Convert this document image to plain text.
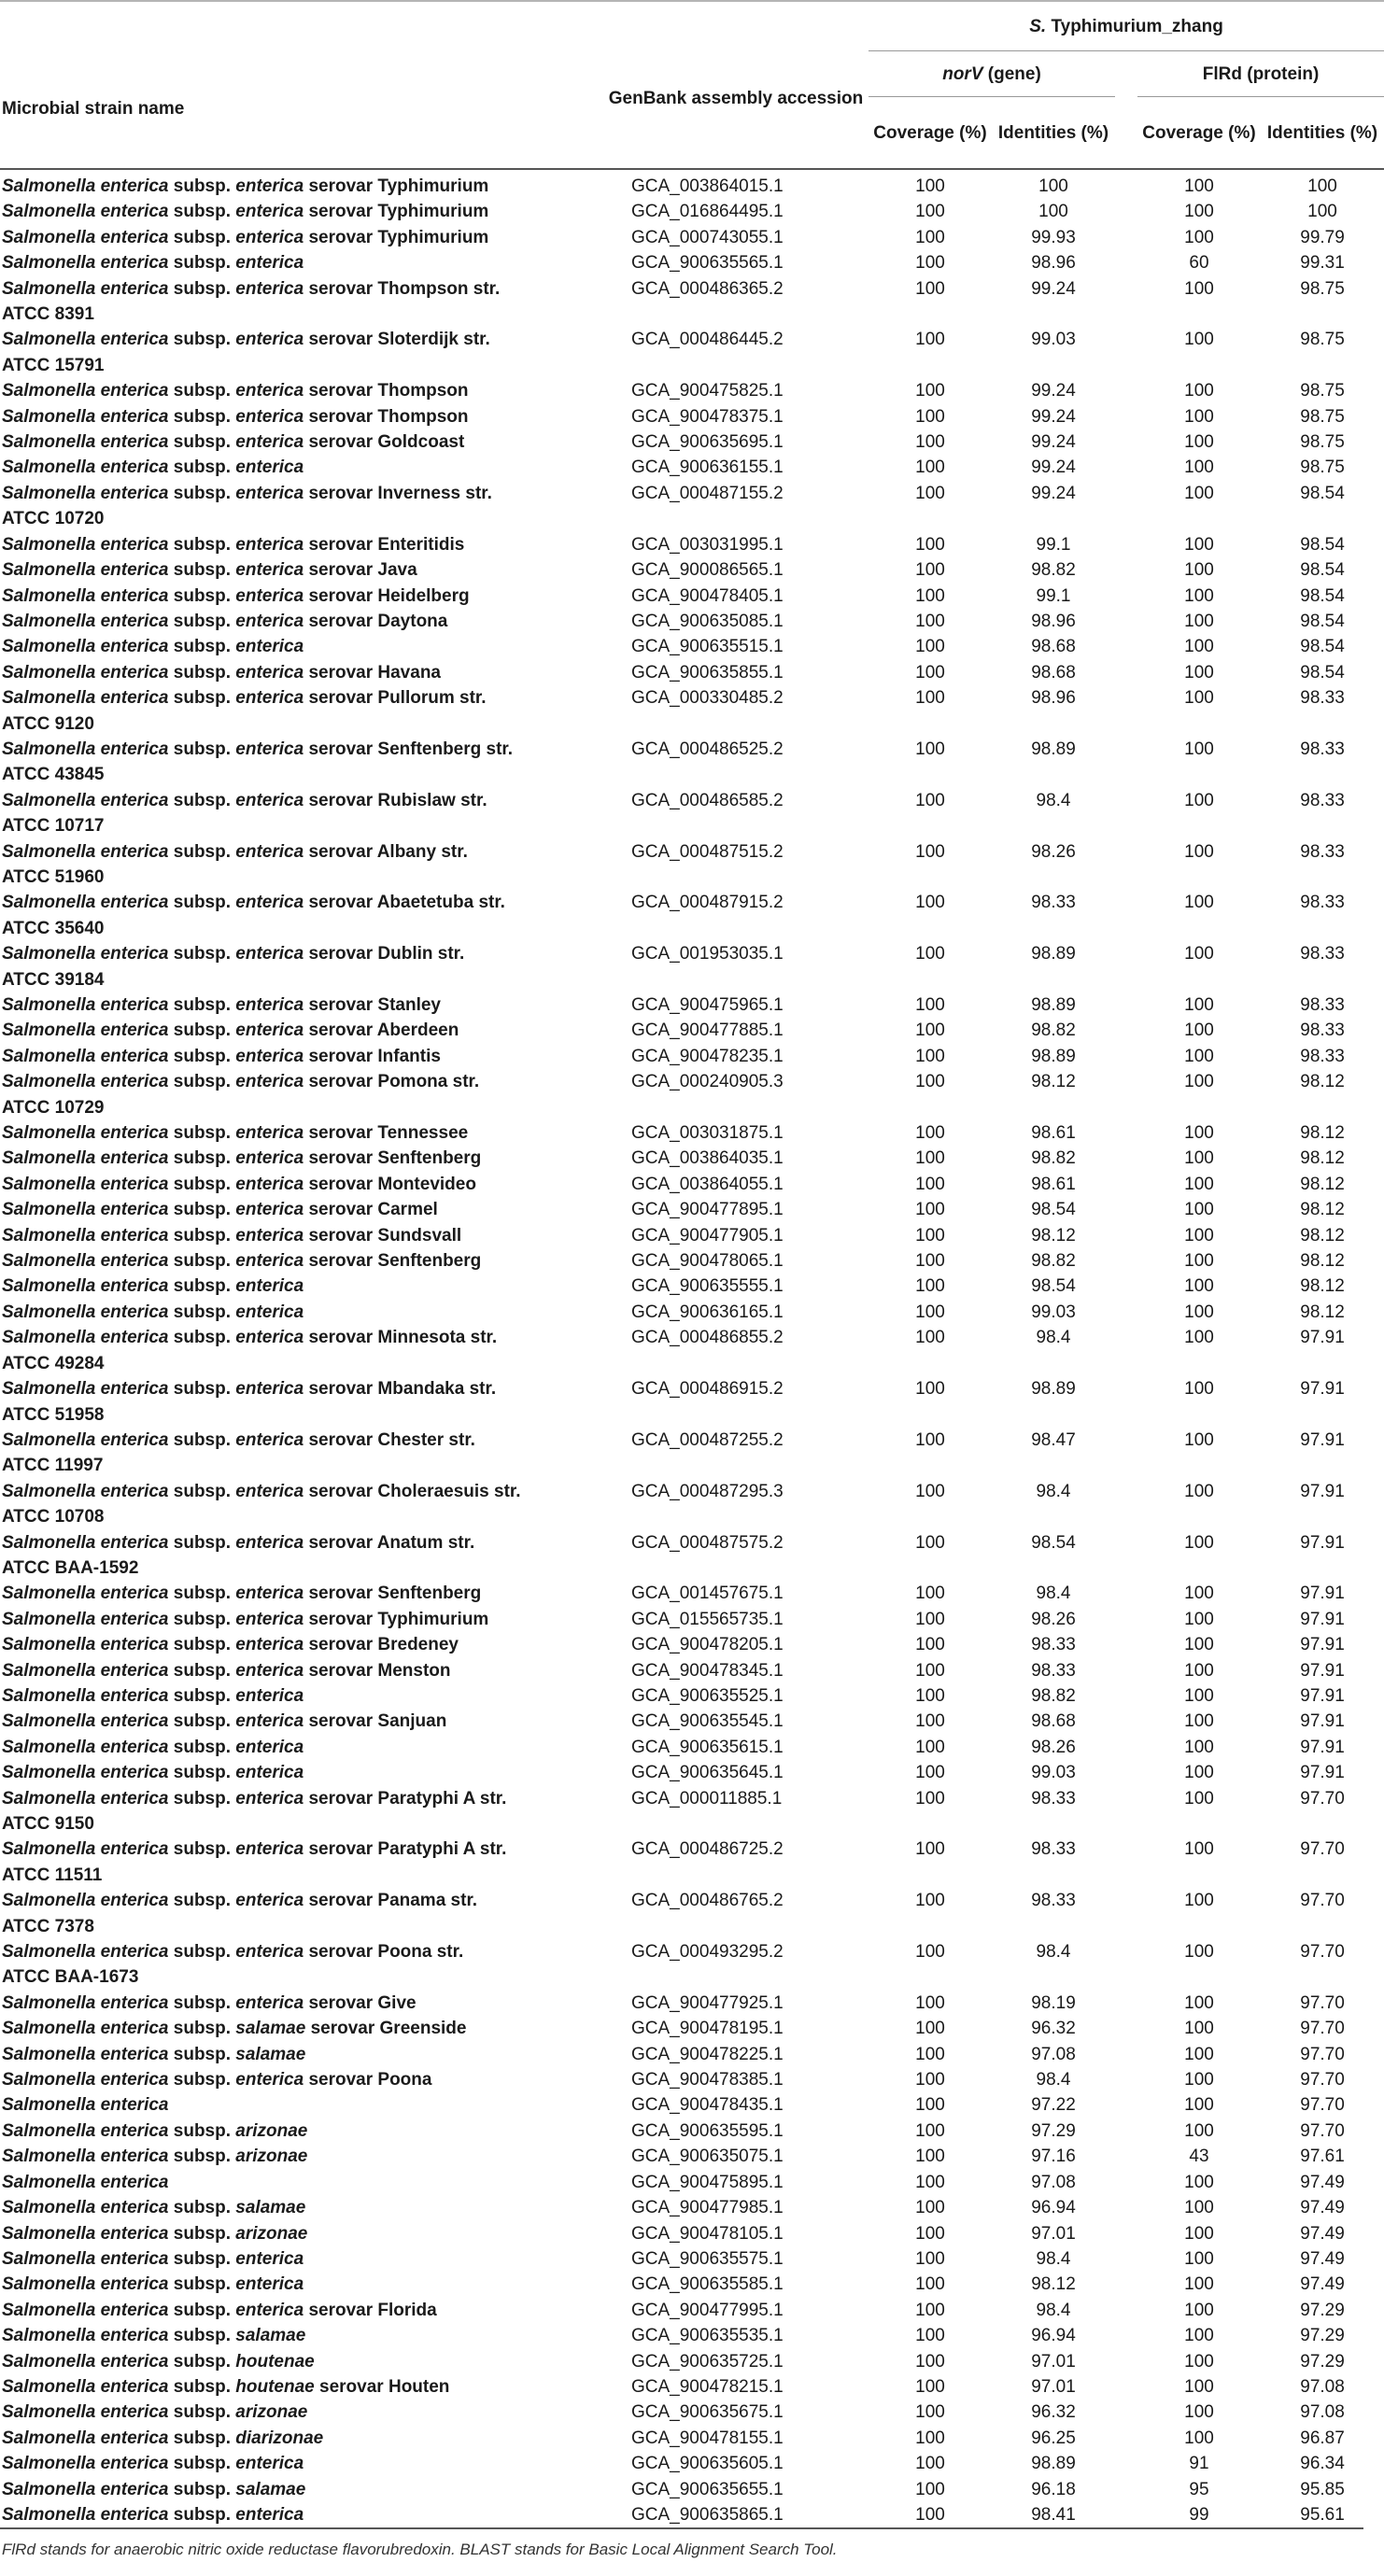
		S. Typhimurium_zhang				
Microbial strain name	GenBank assembly accession	norV (gene)			FlRd (protein)	
		Coverage (%)	Identities (%)		Coverage (%)	Identities (%)
Salmonella enterica subsp. enterica serovar Typhimurium	GCA_003864015.1	100	100		100	100
Salmonella enterica subsp. enterica serovar Typhimurium	GCA_016864495.1	100	100		100	100
Salmonella enterica subsp. enterica serovar Typhimurium	GCA_000743055.1	100	99.93		100	99.79
Salmonella enterica subsp. enterica	GCA_900635565.1	100	98.96		60	99.31
Salmonella enterica subsp. enterica serovar Thompson str.
ATCC 8391	GCA_000486365.2	100	99.24		100	98.75
Salmonella enterica subsp. enterica serovar Sloterdijk str.
ATCC 15791	GCA_000486445.2	100	99.03		100	98.75
Salmonella enterica subsp. enterica serovar Thompson	GCA_900475825.1	100	99.24		100	98.75
Salmonella enterica subsp. enterica serovar Thompson	GCA_900478375.1	100	99.24		100	98.75
Salmonella enterica subsp. enterica serovar Goldcoast	GCA_900635695.1	100	99.24		100	98.75
Salmonella enterica subsp. enterica	GCA_900636155.1	100	99.24		100	98.75
Salmonella enterica subsp. enterica serovar Inverness str.
ATCC 10720	GCA_000487155.2	100	99.24		100	98.54
Salmonella enterica subsp. enterica serovar Enteritidis	GCA_003031995.1	100	99.1		100	98.54
Salmonella enterica subsp. enterica serovar Java	GCA_900086565.1	100	98.82		100	98.54
Salmonella enterica subsp. enterica serovar Heidelberg	GCA_900478405.1	100	99.1		100	98.54
Salmonella enterica subsp. enterica serovar Daytona	GCA_900635085.1	100	98.96		100	98.54
Salmonella enterica subsp. enterica	GCA_900635515.1	100	98.68		100	98.54
Salmonella enterica subsp. enterica serovar Havana	GCA_900635855.1	100	98.68		100	98.54
Salmonella enterica subsp. enterica serovar Pullorum str.
ATCC 9120	GCA_000330485.2	100	98.96		100	98.33
Salmonella enterica subsp. enterica serovar Senftenberg str.
ATCC 43845	GCA_000486525.2	100	98.89		100	98.33
Salmonella enterica subsp. enterica serovar Rubislaw str.
ATCC 10717	GCA_000486585.2	100	98.4		100	98.33
Salmonella enterica subsp. enterica serovar Albany str.
ATCC 51960	GCA_000487515.2	100	98.26		100	98.33
Salmonella enterica subsp. enterica serovar Abaetetuba str.
ATCC 35640	GCA_000487915.2	100	98.33		100	98.33
Salmonella enterica subsp. enterica serovar Dublin str.
ATCC 39184	GCA_001953035.1	100	98.89		100	98.33
Salmonella enterica subsp. enterica serovar Stanley	GCA_900475965.1	100	98.89		100	98.33
Salmonella enterica subsp. enterica serovar Aberdeen	GCA_900477885.1	100	98.82		100	98.33
Salmonella enterica subsp. enterica serovar Infantis	GCA_900478235.1	100	98.89		100	98.33
Salmonella enterica subsp. enterica serovar Pomona str.
ATCC 10729	GCA_000240905.3	100	98.12		100	98.12
Salmonella enterica subsp. enterica serovar Tennessee	GCA_003031875.1	100	98.61		100	98.12
Salmonella enterica subsp. enterica serovar Senftenberg	GCA_003864035.1	100	98.82		100	98.12
Salmonella enterica subsp. enterica serovar Montevideo	GCA_003864055.1	100	98.61		100	98.12
Salmonella enterica subsp. enterica serovar Carmel	GCA_900477895.1	100	98.54		100	98.12
Salmonella enterica subsp. enterica serovar Sundsvall	GCA_900477905.1	100	98.12		100	98.12
Salmonella enterica subsp. enterica serovar Senftenberg	GCA_900478065.1	100	98.82		100	98.12
Salmonella enterica subsp. enterica	GCA_900635555.1	100	98.54		100	98.12
Salmonella enterica subsp. enterica	GCA_900636165.1	100	99.03		100	98.12
Salmonella enterica subsp. enterica serovar Minnesota str.
ATCC 49284	GCA_000486855.2	100	98.4		100	97.91
Salmonella enterica subsp. enterica serovar Mbandaka str.
ATCC 51958	GCA_000486915.2	100	98.89		100	97.91
Salmonella enterica subsp. enterica serovar Chester str.
ATCC 11997	GCA_000487255.2	100	98.47		100	97.91
Salmonella enterica subsp. enterica serovar Choleraesuis str.
ATCC 10708	GCA_000487295.3	100	98.4		100	97.91
Salmonella enterica subsp. enterica serovar Anatum str.
ATCC BAA-1592	GCA_000487575.2	100	98.54		100	97.91
Salmonella enterica subsp. enterica serovar Senftenberg	GCA_001457675.1	100	98.4		100	97.91
Salmonella enterica subsp. enterica serovar Typhimurium	GCA_015565735.1	100	98.26		100	97.91
Salmonella enterica subsp. enterica serovar Bredeney	GCA_900478205.1	100	98.33		100	97.91
Salmonella enterica subsp. enterica serovar Menston	GCA_900478345.1	100	98.33		100	97.91
Salmonella enterica subsp. enterica	GCA_900635525.1	100	98.82		100	97.91
Salmonella enterica subsp. enterica serovar Sanjuan	GCA_900635545.1	100	98.68		100	97.91
Salmonella enterica subsp. enterica	GCA_900635615.1	100	98.26		100	97.91
Salmonella enterica subsp. enterica	GCA_900635645.1	100	99.03		100	97.91
Salmonella enterica subsp. enterica serovar Paratyphi A str.
ATCC 9150	GCA_000011885.1	100	98.33		100	97.70
Salmonella enterica subsp. enterica serovar Paratyphi A str.
ATCC 11511	GCA_000486725.2	100	98.33		100	97.70
Salmonella enterica subsp. enterica serovar Panama str.
ATCC 7378	GCA_000486765.2	100	98.33		100	97.70
Salmonella enterica subsp. enterica serovar Poona str.
ATCC BAA-1673	GCA_000493295.2	100	98.4		100	97.70
Salmonella enterica subsp. enterica serovar Give	GCA_900477925.1	100	98.19		100	97.70
Salmonella enterica subsp. salamae serovar Greenside	GCA_900478195.1	100	96.32		100	97.70
Salmonella enterica subsp. salamae	GCA_900478225.1	100	97.08		100	97.70
Salmonella enterica subsp. enterica serovar Poona	GCA_900478385.1	100	98.4		100	97.70
Salmonella enterica	GCA_900478435.1	100	97.22		100	97.70
Salmonella enterica subsp. arizonae	GCA_900635595.1	100	97.29		100	97.70
Salmonella enterica subsp. arizonae	GCA_900635075.1	100	97.16		43	97.61
Salmonella enterica	GCA_900475895.1	100	97.08		100	97.49
Salmonella enterica subsp. salamae	GCA_900477985.1	100	96.94		100	97.49
Salmonella enterica subsp. arizonae	GCA_900478105.1	100	97.01		100	97.49
Salmonella enterica subsp. enterica	GCA_900635575.1	100	98.4		100	97.49
Salmonella enterica subsp. enterica	GCA_900635585.1	100	98.12		100	97.49
Salmonella enterica subsp. enterica serovar Florida	GCA_900477995.1	100	98.4		100	97.29
Salmonella enterica subsp. salamae	GCA_900635535.1	100	96.94		100	97.29
Salmonella enterica subsp. houtenae	GCA_900635725.1	100	97.01		100	97.29
Salmonella enterica subsp. houtenae serovar Houten	GCA_900478215.1	100	97.01		100	97.08
Salmonella enterica subsp. arizonae	GCA_900635675.1	100	96.32		100	97.08
Salmonella enterica subsp. diarizonae	GCA_900478155.1	100	96.25		100	96.87
Salmonella enterica subsp. enterica	GCA_900635605.1	100	98.89		91	96.34
Salmonella enterica subsp. salamae	GCA_900635655.1	100	96.18		95	95.85
Salmonella enterica subsp. enterica	GCA_900635865.1	100	98.41		99	95.61
FlRd stands for anaerobic nitric oxide reductase flavorubredoxin. BLAST stands for Basic Local Alignment Search Tool.
